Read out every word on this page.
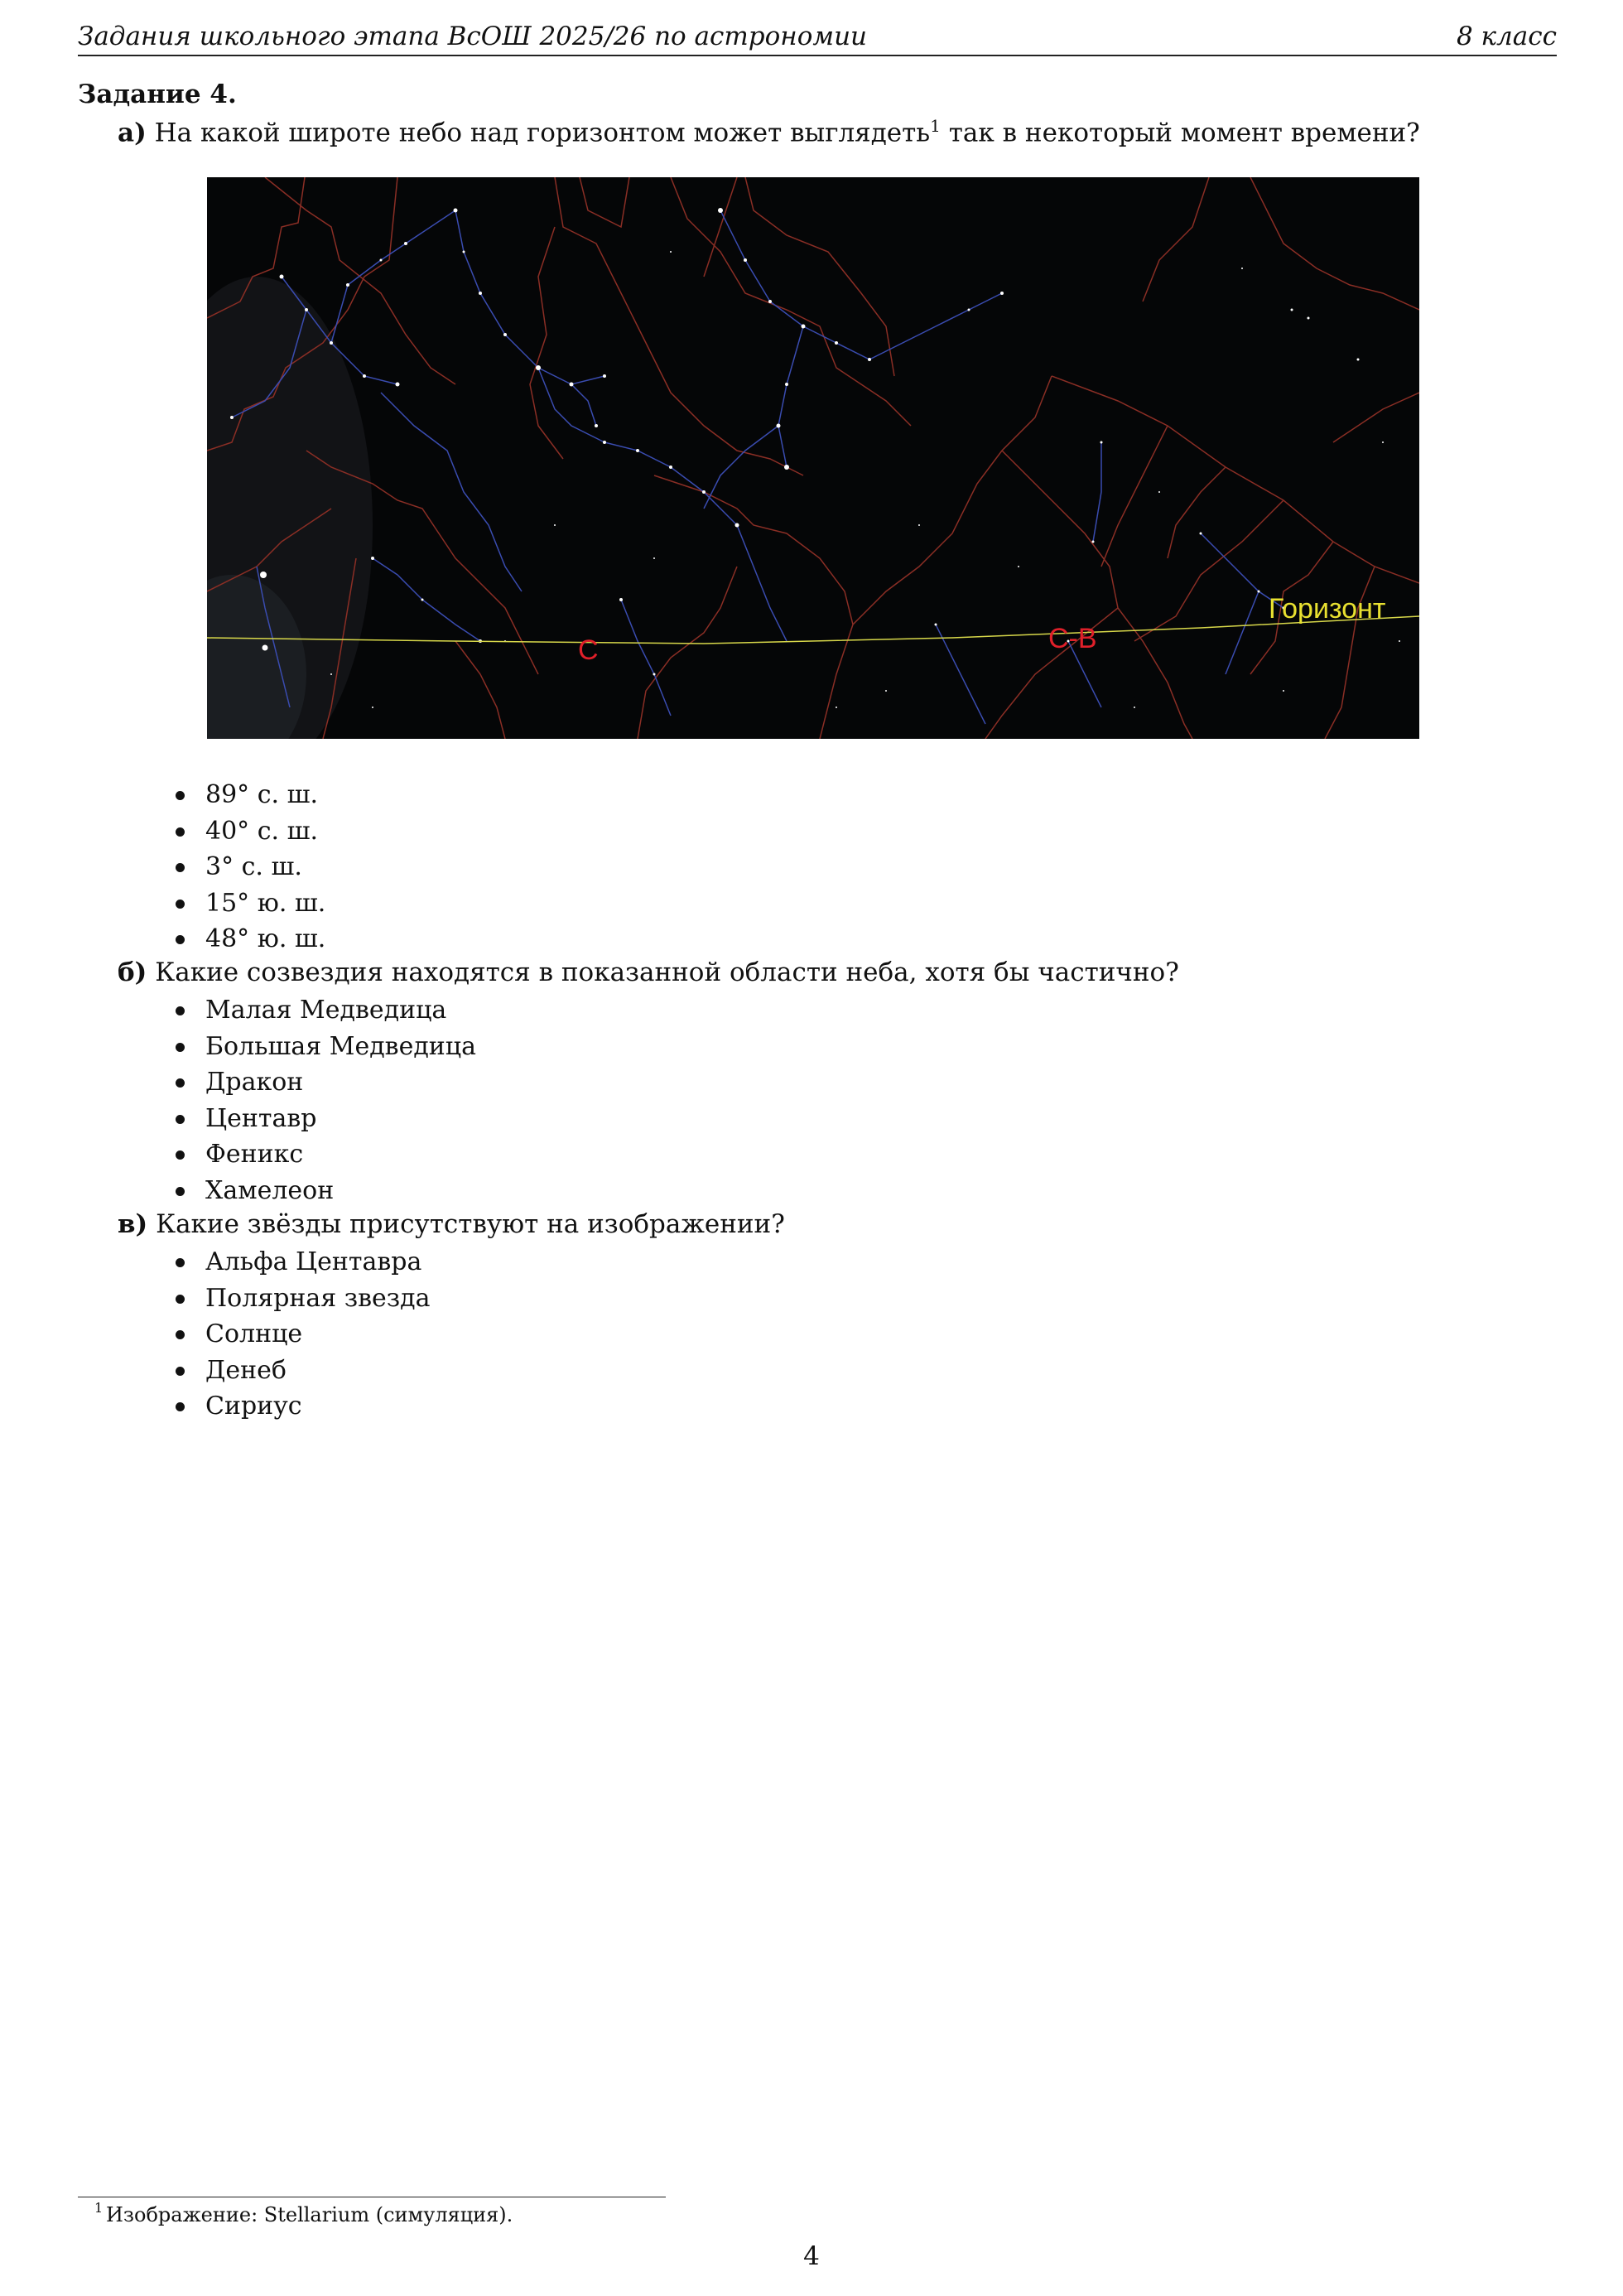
Задания школьного этапа ВсОШ 2025/26 по астрономии	8 класс
Задание 4.
а) На какой широте небо над горизонтом может выглядеть$^1$ так в некоторый момент времени?
Горизонт
С	С-В
89° с. ш.
40° с. ш.
3° с. ш.
15° ю. ш.
48° ю. ш.
б) Какие созвездия находятся в показанной области неба, хотя бы частично?
Малая Медведица
Большая Медведица
Дракон
Центавр
Феникс
Хамелеон
в) Какие звёзды присутствуют на изображении?
Альфа Центавра
Полярная звезда
Солнце
Денеб
Сириус
1 Изображение: Stellarium (симуляция).
4
